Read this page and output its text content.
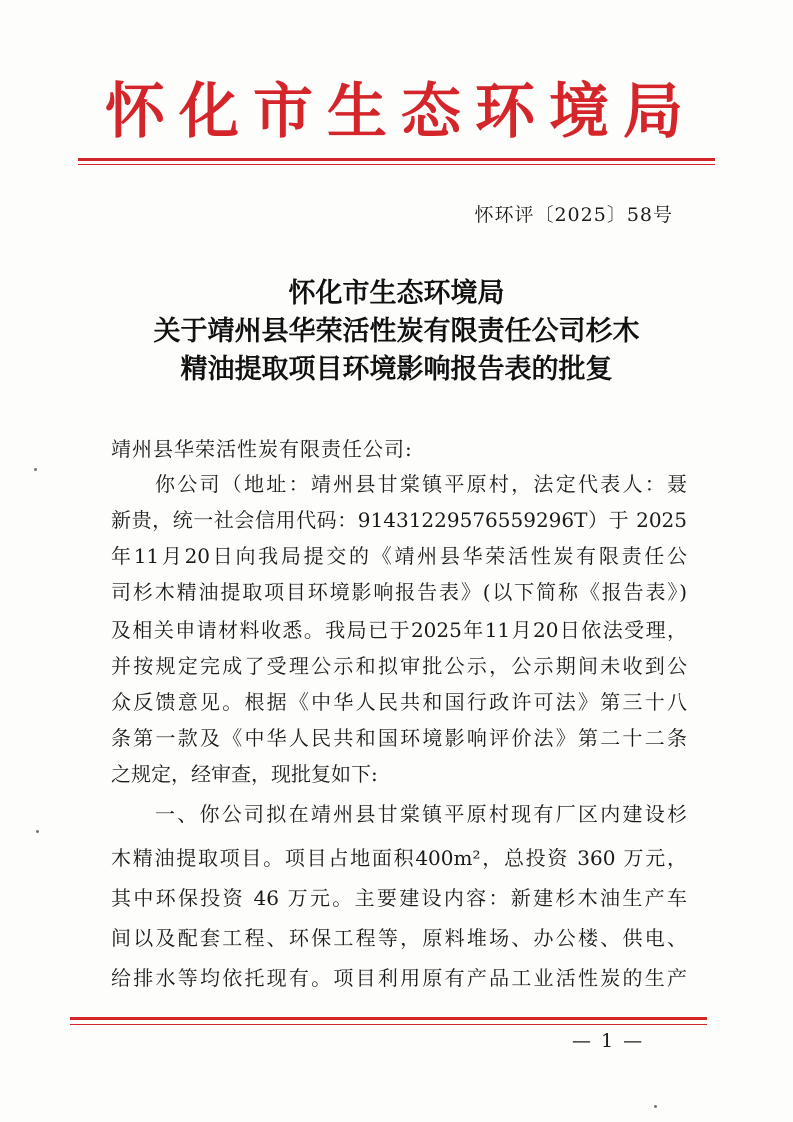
怀化市生态环境局
怀环评〔2025〕58号
怀化市生态环境局
关于靖州县华荣活性炭有限责任公司杉木
精油提取项目环境影响报告表的批复
靖州县华荣活性炭有限责任公司:
你公司（地址：靖州县甘棠镇平原村，法定代表人：聂
新贵，统一社会信用代码：91431229576559296T）于 2025
年11月20日向我局提交的《靖州县华荣活性炭有限责任公
司杉木精油提取项目环境影响报告表》(以下简称《报告表》)
及相关申请材料收悉。我局已于2025年11月20日依法受理，
并按规定完成了受理公示和拟审批公示，公示期间未收到公
众反馈意见。根据《中华人民共和国行政许可法》第三十八
条第一款及《中华人民共和国环境影响评价法》第二十二条
之规定，经审查，现批复如下:
一、你公司拟在靖州县甘棠镇平原村现有厂区内建设杉
木精油提取项目。项目占地面积400m²，总投资 360 万元，
其中环保投资 46 万元。主要建设内容：新建杉木油生产车
间以及配套工程、环保工程等，原料堆场、办公楼、供电、
给排水等均依托现有。项目利用原有产品工业活性炭的生产
— 1 —
